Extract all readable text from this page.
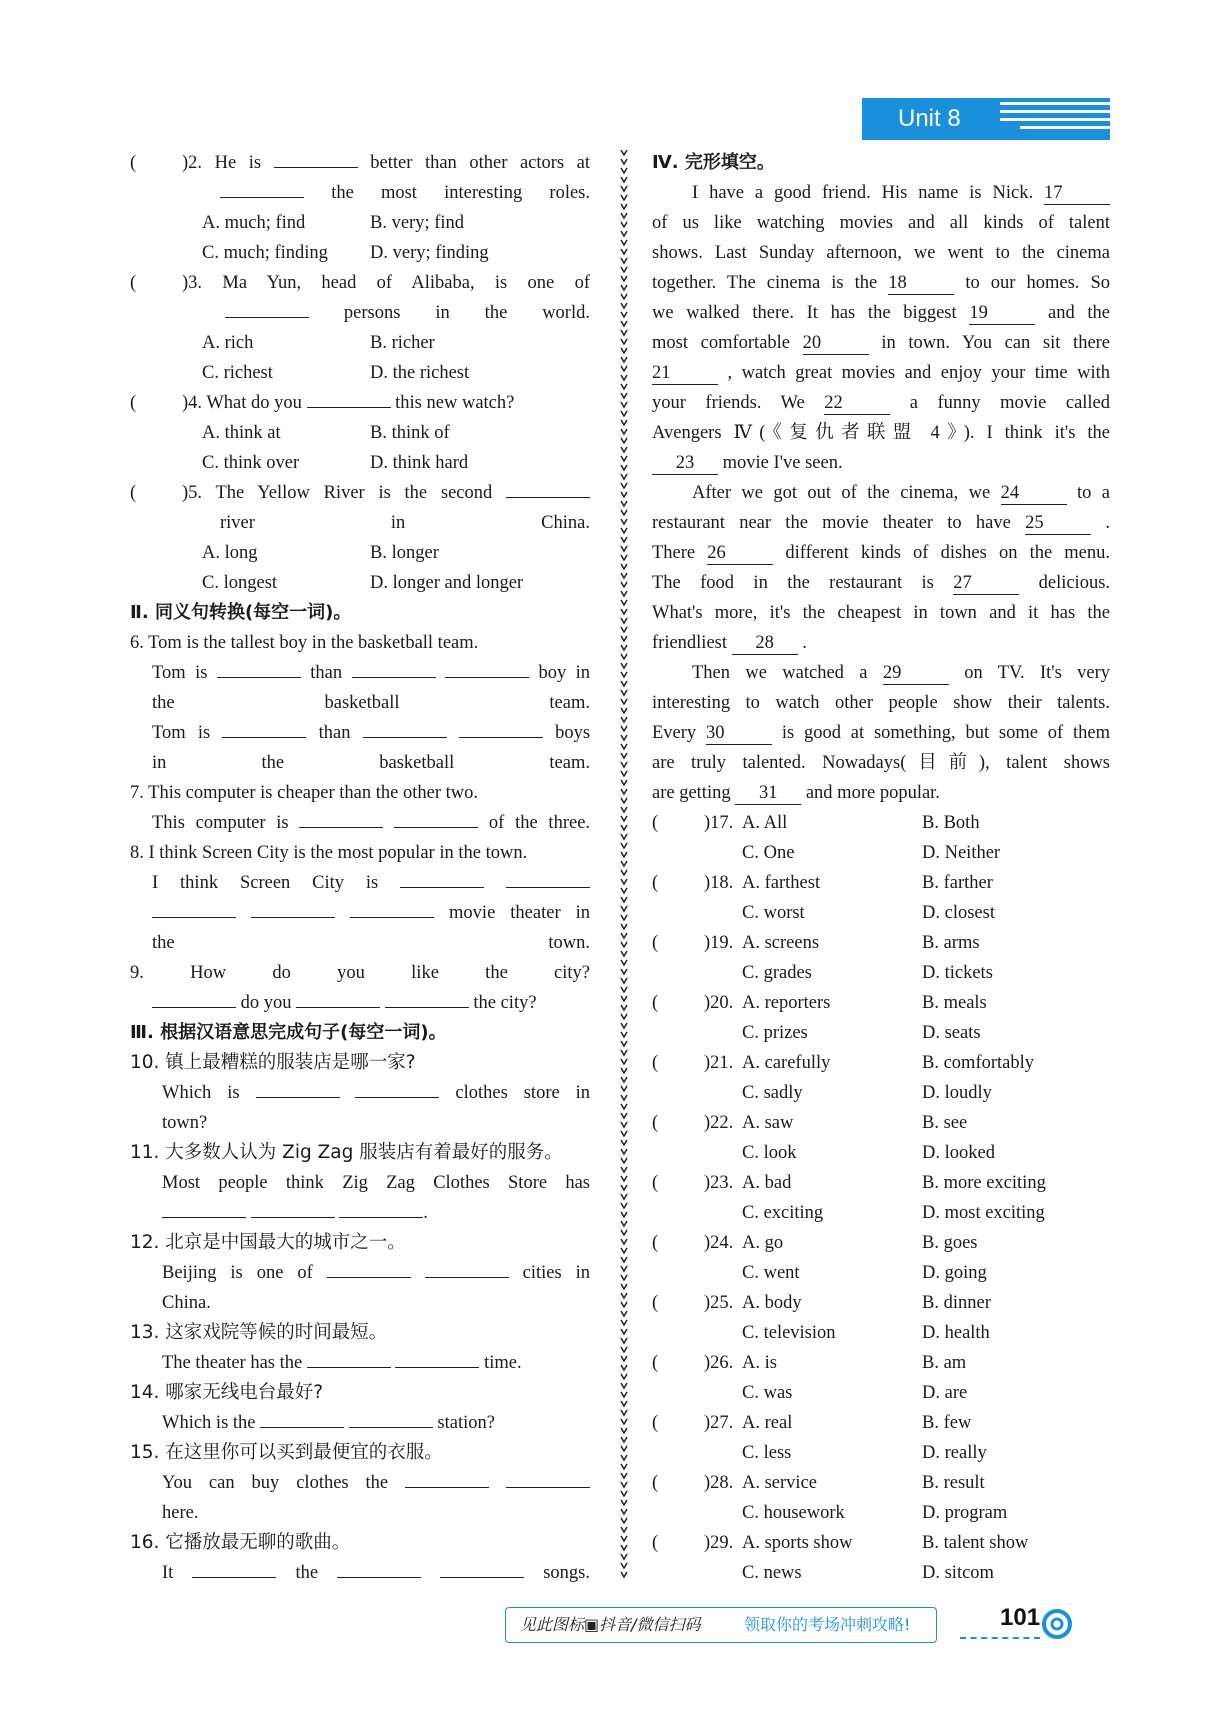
Unit 8
( )2. He is	better than other actors at
the most interesting roles.
A. much; find	B. very; find
C. much; finding D. very; finding
( )3. Ma Yun, head of Alibaba, is one of
persons in the world.
A. rich	B. richer
C. richest	D. the richest
( )4. What do you	this new watch?
A. think at	B. think of
C. think over	D. think hard
( )5. The Yellow River is the second
river in China.
A. long	B. longer
C. longest	D. longer and longer
Ⅱ. 同义句转换(每空一词)。
6. Tom is the tallest boy in the basketball team.
Tom is	than	boy in
the basketball team.
Tom is	than	boys
in the basketball team.
7. This computer is cheaper than the other two.
This computer is	of the three.
8. I think Screen City is the most popular in the town.
I think Screen City is
movie theater in
the town.
9. How do you like the city?
do you	the city?
Ⅲ. 根据汉语意思完成句子(每空一词)。
10. 镇上最糟糕的服装店是哪一家?
Which is	clothes store in
town?
11. 大多数人认为 Zig Zag 服装店有着最好的服务。
Most people think Zig Zag Clothes Store has
.
12. 北京是中国最大的城市之一。
Beijing is one of	cities in
China.
13. 这家戏院等候的时间最短。
The theater has the	time.
14. 哪家无线电台最好?
Which is the	station?
15. 在这里你可以买到最便宜的衣服。
You can buy clothes the
here.
16. 它播放最无聊的歌曲。
It	the	songs.
Ⅳ. 完形填空。
I have a good friend. His name is Nick. 17
of us like watching movies and all kinds of talent
shows. Last Sunday afternoon, we went to the cinema
together. The cinema is the 18	to our homes. So
we walked there. It has the biggest 19	and the
most comfortable 20	in town. You can sit there
21	, watch great movies and enjoy your time with
your friends. We 22	a funny movie called
Avengers Ⅳ(《复仇者联盟 4》). I think it's the
23 movie I've seen.
After we got out of the cinema, we 24	to a
restaurant near the movie theater to have 25	.
There 26	different kinds of dishes on the menu.
The food in the restaurant is 27	delicious.
What's more, it's the cheapest in town and it has the
friendliest 28 .
Then we watched a 29	on TV. It's very
interesting to watch other people show their talents.
Every 30	is good at something, but some of them
are truly talented. Nowadays(目前), talent shows
are getting 31 and more popular.
( )17. A. All	B. Both
C. One	D. Neither
( )18. A. farthest	B. farther
C. worst	D. closest
( )19. A. screens	B. arms
C. grades	D. tickets
( )20. A. reporters	B. meals
C. prizes	D. seats
( )21. A. carefully	B. comfortably
C. sadly	D. loudly
( )22. A. saw	B. see
C. look	D. looked
( )23. A. bad	B. more exciting
C. exciting	D. most exciting
( )24. A. go	B. goes
C. went	D. going
( )25. A. body	B. dinner
C. television	D. health
( )26. A. is	B. am
C. was	D. are
( )27. A. real	B. few
C. less	D. really
( )28. A. service	B. result
C. housework	D. program
( )29. A. sports show	B. talent show
C. news	D. sitcom
见此图标▣抖音/微信扫码	领取你的考场冲刺攻略!	101
